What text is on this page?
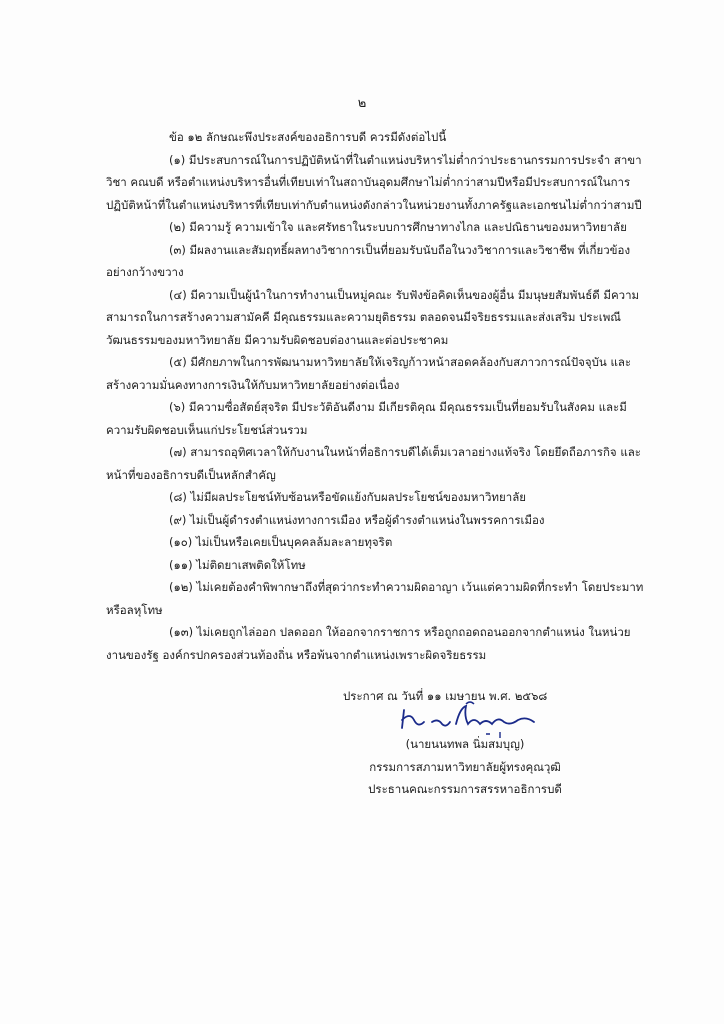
๒

ข้อ ๑๒ ลักษณะพึงประสงค์ของอธิการบดี ควรมีดังต่อไปนี้

(๑) มีประสบการณ์ในการปฏิบัติหน้าที่ในตำแหน่งบริหารไม่ต่ำกว่าประธานกรรมการประจำ สาขาวิชา คณบดี หรือตำแหน่งบริหารอื่นที่เทียบเท่าในสถาบันอุดมศึกษาไม่ต่ำกว่าสามปีหรือมีประสบการณ์ในการปฏิบัติหน้าที่ในตำแหน่งบริหารที่เทียบเท่ากับตำแหน่งดังกล่าวในหน่วยงานทั้งภาครัฐและเอกชนไม่ต่ำกว่าสามปี

(๒) มีความรู้ ความเข้าใจ และศรัทธาในระบบการศึกษาทางไกล และปณิธานของมหาวิทยาลัย

(๓) มีผลงานและสัมฤทธิ์ผลทางวิชาการเป็นที่ยอมรับนับถือในวงวิชาการและวิชาชีพ ที่เกี่ยวข้อง อย่างกว้างขวาง

(๔) มีความเป็นผู้นำในการทำงานเป็นหมู่คณะ รับฟังข้อคิดเห็นของผู้อื่น มีมนุษยสัมพันธ์ดี มีความสามารถในการสร้างความสามัคคี มีคุณธรรมและความยุติธรรม ตลอดจนมีจริยธรรมและส่งเสริม ประเพณีวัฒนธรรมของมหาวิทยาลัย มีความรับผิดชอบต่องานและต่อประชาคม

(๕) มีศักยภาพในการพัฒนามหาวิทยาลัยให้เจริญก้าวหน้าสอดคล้องกับสภาวการณ์ปัจจุบัน และ สร้างความมั่นคงทางการเงินให้กับมหาวิทยาลัยอย่างต่อเนื่อง

(๖) มีความซื่อสัตย์สุจริต มีประวัติอันดีงาม มีเกียรติคุณ มีคุณธรรมเป็นที่ยอมรับในสังคม และมี ความรับผิดชอบเห็นแก่ประโยชน์ส่วนรวม

(๗) สามารถอุทิศเวลาให้กับงานในหน้าที่อธิการบดีได้เต็มเวลาอย่างแท้จริง โดยยึดถือภารกิจ และหน้าที่ของอธิการบดีเป็นหลักสำคัญ

(๘) ไม่มีผลประโยชน์ทับซ้อนหรือขัดแย้งกับผลประโยชน์ของมหาวิทยาลัย

(๙) ไม่เป็นผู้ดำรงตำแหน่งทางการเมือง หรือผู้ดำรงตำแหน่งในพรรคการเมือง

(๑๐) ไม่เป็นหรือเคยเป็นบุคคลล้มละลายทุจริต

(๑๑) ไม่ติดยาเสพติดให้โทษ

(๑๒) ไม่เคยต้องคำพิพากษาถึงที่สุดว่ากระทำความผิดอาญา เว้นแต่ความผิดที่กระทำ โดยประมาท หรือลหุโทษ

(๑๓) ไม่เคยถูกไล่ออก ปลดออก ให้ออกจากราชการ หรือถูกถอดถอนออกจากตำแหน่ง ในหน่วยงานของรัฐ องค์กรปกครองส่วนท้องถิ่น หรือพ้นจากตำแหน่งเพราะผิดจริยธรรม

ประกาศ ณ วันที่ ๑๑ เมษายน พ.ศ. ๒๕๖๘
(นายนนทพล นิ่มสมบุญ)
กรรมการสภามหาวิทยาลัยผู้ทรงคุณวุฒิ
ประธานคณะกรรมการสรรหาอธิการบดี
